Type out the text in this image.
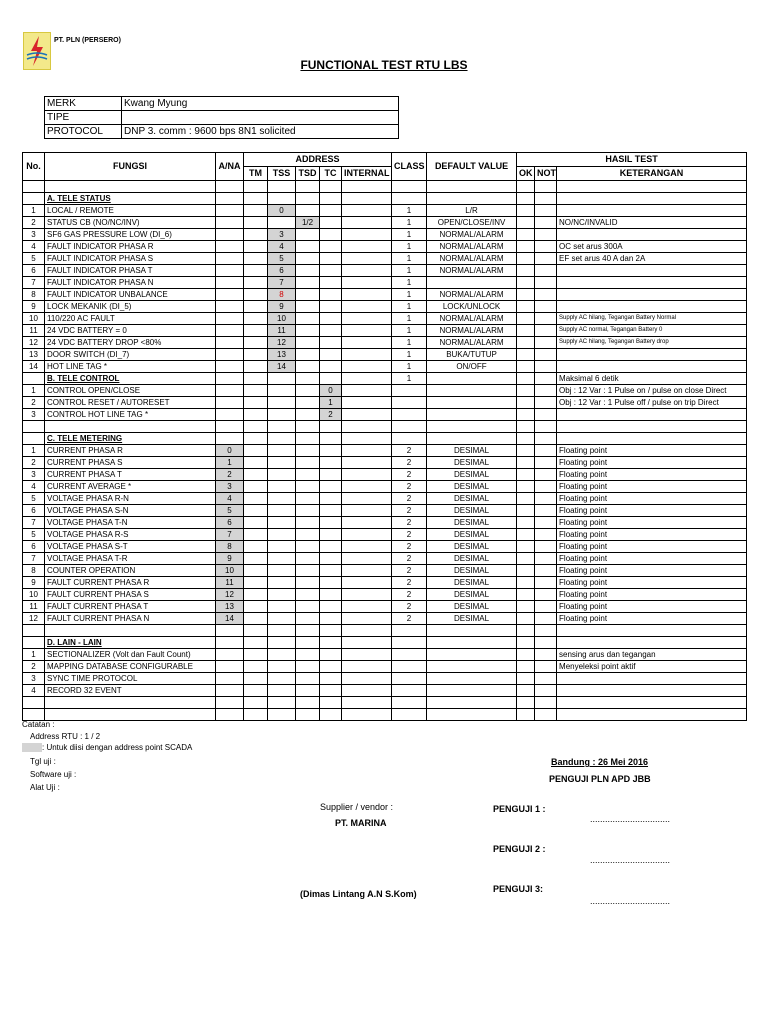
PT. PLN (PERSERO)
FUNCTIONAL TEST RTU LBS
MERK	Kwang Myung
TIPE	
PROTOCOL	DNP 3. comm : 9600 bps 8N1 solicited
No.	FUNGSI	A/NA	ADDRESS					CLASS	DEFAULT VALUE	HASIL TEST		
			TM	TSS	TSD	TC	INTERNAL			OK	NOT	KETERANGAN

	A. TELE STATUS											
1	LOCAL / REMOTE			0				1	L/R			
2	STATUS CB (NO/NC/INV)				1/2			1	OPEN/CLOSE/INV			NO/NC/INVALID
3	SF6 GAS PRESSURE LOW (DI_6)			3				1	NORMAL/ALARM			
4	FAULT INDICATOR PHASA R			4				1	NORMAL/ALARM			OC set arus 300A
5	FAULT INDICATOR PHASA S			5				1	NORMAL/ALARM			EF set arus 40 A dan 2A
6	FAULT INDICATOR PHASA T			6				1	NORMAL/ALARM			
7	FAULT INDICATOR PHASA N			7				1				
8	FAULT INDICATOR UNBALANCE			8				1	NORMAL/ALARM			
9	LOCK MEKANIK (DI_5)			9				1	LOCK/UNLOCK			
10	110/220 AC FAULT			10				1	NORMAL/ALARM			Supply AC hilang, Tegangan Battery Normal
11	24 VDC BATTERY = 0			11				1	NORMAL/ALARM			Supply AC normal, Tegangan Battery 0
12	24 VDC BATTERY DROP <80%			12				1	NORMAL/ALARM			Supply AC hilang, Tegangan Battery drop
13	DOOR SWITCH (DI_7)			13				1	BUKA/TUTUP			
14	HOT LINE TAG *			14				1	ON/OFF			
	B. TELE CONTROL							1				Maksimal 6 detik
1	CONTROL OPEN/CLOSE					0						Obj : 12 Var : 1 Pulse on / pulse on close Direct
2	CONTROL RESET / AUTORESET					1						Obj : 12 Var : 1 Pulse off / pulse on trip Direct
3	CONTROL HOT LINE TAG *					2						

	C. TELE METERING											
1	CURRENT PHASA R	0						2	DESIMAL			Floating point
2	CURRENT PHASA S	1						2	DESIMAL			Floating point
3	CURRENT PHASA T	2						2	DESIMAL			Floating point
4	CURRENT AVERAGE *	3						2	DESIMAL			Floating point
5	VOLTAGE PHASA R-N	4						2	DESIMAL			Floating point
6	VOLTAGE PHASA S-N	5						2	DESIMAL			Floating point
7	VOLTAGE PHASA T-N	6						2	DESIMAL			Floating point
5	VOLTAGE PHASA R-S	7						2	DESIMAL			Floating point
6	VOLTAGE PHASA S-T	8						2	DESIMAL			Floating point
7	VOLTAGE PHASA T-R	9						2	DESIMAL			Floating point
8	COUNTER OPERATION	10						2	DESIMAL			Floating point
9	FAULT CURRENT PHASA R	11						2	DESIMAL			Floating point
10	FAULT CURRENT PHASA S	12						2	DESIMAL			Floating point
11	FAULT CURRENT PHASA T	13						2	DESIMAL			Floating point
12	FAULT CURRENT PHASA N	14						2	DESIMAL			Floating point

	D. LAIN - LAIN											
1	SECTIONALIZER (Volt dan Fault Count)											sensing arus dan tegangan
2	MAPPING DATABASE CONFIGURABLE											Menyeleksi point aktif
3	SYNC TIME PROTOCOL											
4	RECORD 32 EVENT											

Catatan :
Address RTU : 1 / 2
: Untuk diisi dengan address point SCADA
Tgl uji :
Software uji :
Alat Uji :
Bandung : 26 Mei 2016
PENGUJI PLN APD JBB
Supplier / vendor :
PT. MARINA
(Dimas Lintang A.N S.Kom)
PENGUJI 1 :
................................
PENGUJI 2 :
................................
PENGUJI 3:
................................
